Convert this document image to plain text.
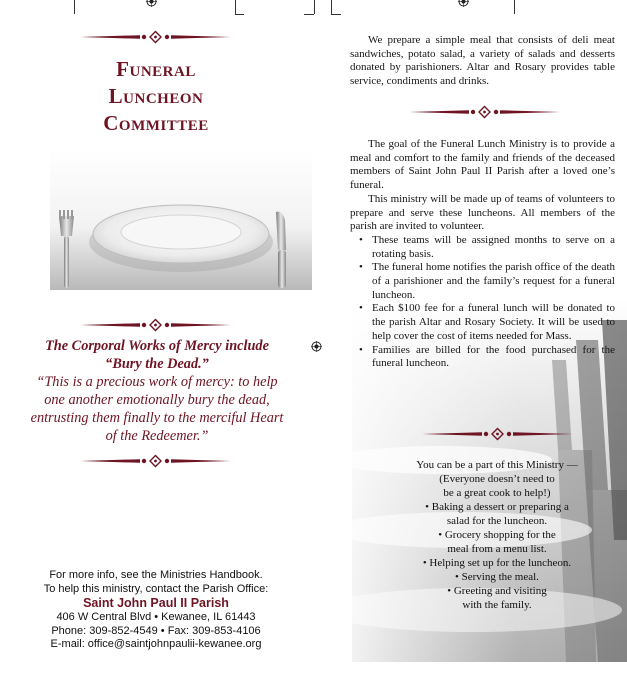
Funeral
Luncheon
Committee
The Corporal Works of Mercy include
“Bury the Dead.”
“This is a precious work of mercy: to help one another emotionally bury the dead, entrusting them finally to the merciful Heart of the Redeemer.”
For more info, see the Ministries Handbook.
To help this ministry, contact the Parish Office:
Saint John Paul II Parish
406 W Central Blvd • Kewanee, IL 61443
Phone: 309-852-4549 • Fax: 309-853-4106
E-mail: office@saintjohnpaulii-kewanee.org

We prepare a simple meal that consists of deli meat sandwiches, potato salad, a variety of salads and desserts donated by parishioners. Altar and Rosary provides table service, condiments and drinks.

The goal of the Funeral Lunch Ministry is to provide a meal and comfort to the family and friends of the deceased members of Saint John Paul II Parish after a loved one’s funeral.

This ministry will be made up of teams of volunteers to prepare and serve these luncheons. All members of the parish are invited to volunteer.

• These teams will be assigned months to serve on a rotating basis.
• The funeral home notifies the parish office of the death of a parishioner and the family’s request for a funeral luncheon.
• Each $100 fee for a funeral lunch will be donated to the parish Altar and Rosary Society. It will be used to help cover the cost of items needed for Mass.
• Families are billed for the food purchased for the funeral luncheon.
You can be a part of this Ministry —
(Everyone doesn’t need to
be a great cook to help!)
• Baking a dessert or preparing a
salad for the luncheon.
• Grocery shopping for the
meal from a menu list.
• Helping set up for the luncheon.
• Serving the meal.
• Greeting and visiting
with the family.
